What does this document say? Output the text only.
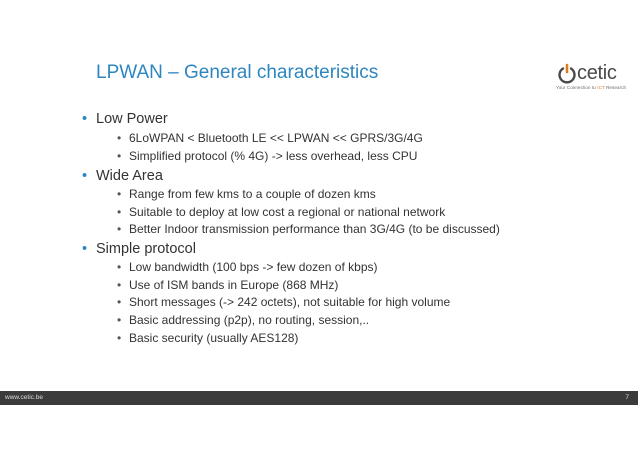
LPWAN – General characteristics	cetic
Your Connection to ICT Research
• Low Power
• 6LoWPAN < Bluetooth LE << LPWAN << GPRS/3G/4G
• Simplified protocol (% 4G) -> less overhead, less CPU
• Wide Area
• Range from few kms to a couple of dozen kms
• Suitable to deploy at low cost a regional or national network
• Better Indoor transmission performance than 3G/4G (to be discussed)
• Simple protocol
• Low bandwidth (100 bps -> few dozen of kbps)
• Use of ISM bands in Europe (868 MHz)
• Short messages (-> 242 octets), not suitable for high volume
• Basic addressing (p2p), no routing, session,..
• Basic security (usually AES128)
www.cetic.be	7
